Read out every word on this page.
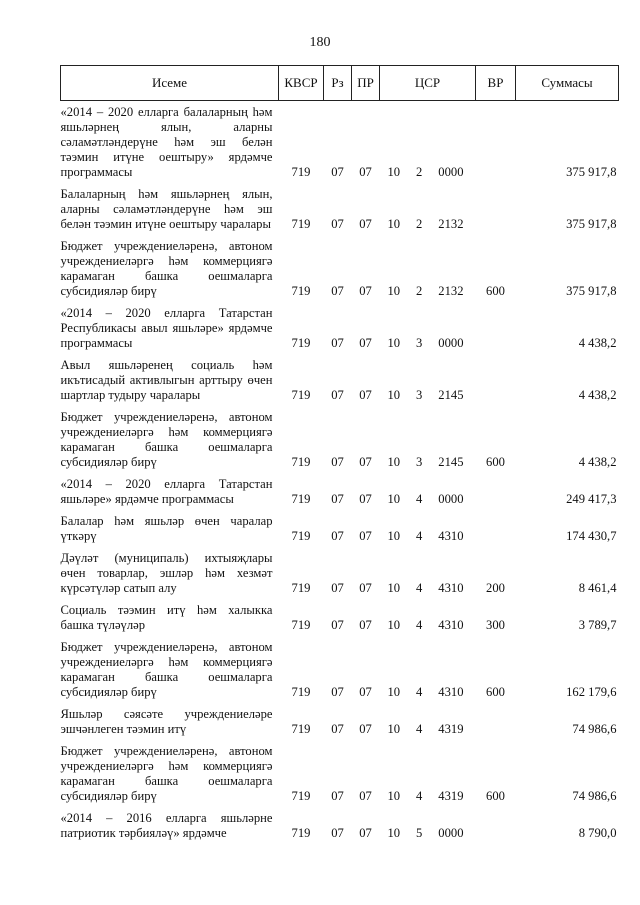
180
Исеме	КВСР	Рз	ПР	ЦСР	ВР	Суммасы
«2014 – 2020 елларга балаларның һәм яшьләрнең ялын, аларны сәламәтләндерүне һәм эш белән тәэмин итүне оештыру» ярдәмче программасы	719	07	07	10 2 0000		375 917,8
Балаларның һәм яшьләрнең ялын, аларны сәламәтләндерүне һәм эш белән тәэмин итүне оештыру чаралары	719	07	07	10 2 2132		375 917,8
Бюджет учреждениеләренә, автоном учреждениеләргә һәм коммерциягә карамаган башка оешмаларга субсидияләр бирү	719	07	07	10 2 2132	600	375 917,8
«2014 – 2020 елларга Татарстан Республикасы авыл яшьләре» ярдәмче программасы	719	07	07	10 3 0000		4 438,2
Авыл яшьләренең социаль һәм икътисадый активлыгын арттыру өчен шартлар тудыру чаралары	719	07	07	10 3 2145		4 438,2
Бюджет учреждениеләренә, автоном учреждениеләргә һәм коммерциягә карамаган башка оешмаларга субсидияләр бирү	719	07	07	10 3 2145	600	4 438,2
«2014 – 2020 елларга Татарстан яшьләре» ярдәмче программасы	719	07	07	10 4 0000		249 417,3
Балалар һәм яшьләр өчен чаралар үткәрү	719	07	07	10 4 4310		174 430,7
Дәүләт (муниципаль) ихтыяҗлары өчен товарлар, эшләр һәм хезмәт күрсәтүләр сатып алу	719	07	07	10 4 4310	200	8 461,4
Социаль тәэмин итү һәм халыкка башка түләүләр	719	07	07	10 4 4310	300	3 789,7
Бюджет учреждениеләренә, автоном учреждениеләргә һәм коммерциягә карамаган башка оешмаларга субсидияләр бирү	719	07	07	10 4 4310	600	162 179,6
Яшьләр сәясәте учреждениеләре эшчәнлеген тәэмин итү	719	07	07	10 4 4319		74 986,6
Бюджет учреждениеләренә, автоном учреждениеләргә һәм коммерциягә карамаган башка оешмаларга субсидияләр бирү	719	07	07	10 4 4319	600	74 986,6
«2014 – 2016 елларга яшьләрне патриотик тәрбияләү» ярдәмче	719	07	07	10 5 0000		8 790,0
